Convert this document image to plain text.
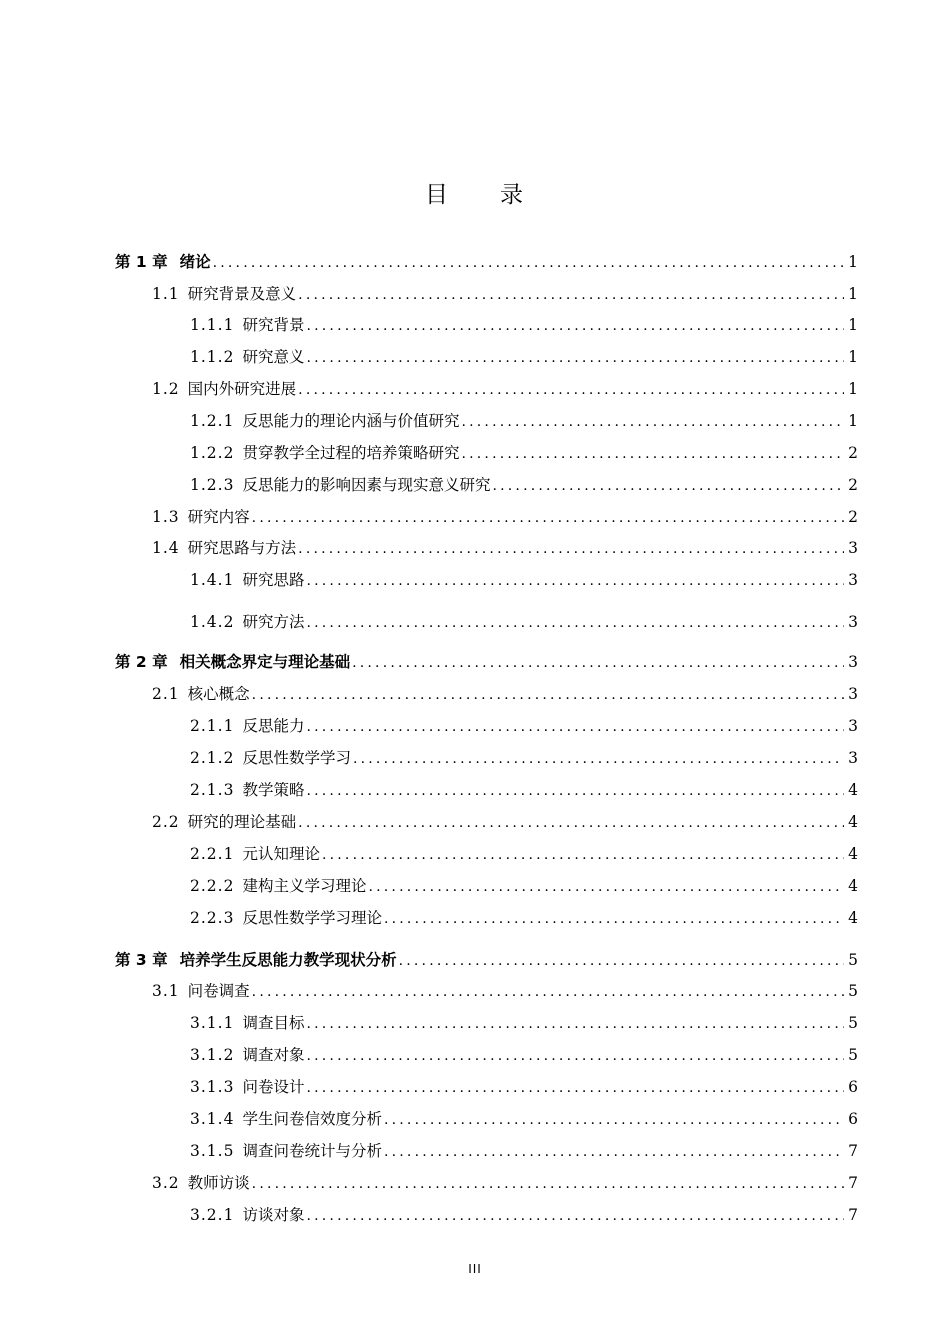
目 录
第 1 章 绪论 .....	1
1.1 研究背景及意义 .....	1
1.1.1 研究背景 .....	1
1.1.2 研究意义 .....	1
1.2 国内外研究进展 .....	1
1.2.1 反思能力的理论内涵与价值研究 .....	1
1.2.2 贯穿教学全过程的培养策略研究 .....	2
1.2.3 反思能力的影响因素与现实意义研究 .....	2
1.3 研究内容 .....	2
1.4 研究思路与方法 .....	3
1.4.1 研究思路 .....	3
1.4.2 研究方法 .....	3
第 2 章 相关概念界定与理论基础 .....	3
2.1 核心概念 .....	3
2.1.1 反思能力 .....	3
2.1.2 反思性数学学习 .....	3
2.1.3 教学策略 .....	4
2.2 研究的理论基础 .....	4
2.2.1 元认知理论 .....	4
2.2.2 建构主义学习理论 .....	4
2.2.3 反思性数学学习理论 .....	4
第 3 章 培养学生反思能力教学现状分析 .....	5
3.1 问卷调查 .....	5
3.1.1 调查目标 .....	5
3.1.2 调查对象 .....	5
3.1.3 问卷设计 .....	6
3.1.4 学生问卷信效度分析 .....	6
3.1.5 调查问卷统计与分析 .....	7
3.2 教师访谈 .....	7
3.2.1 访谈对象 .....	7
III
